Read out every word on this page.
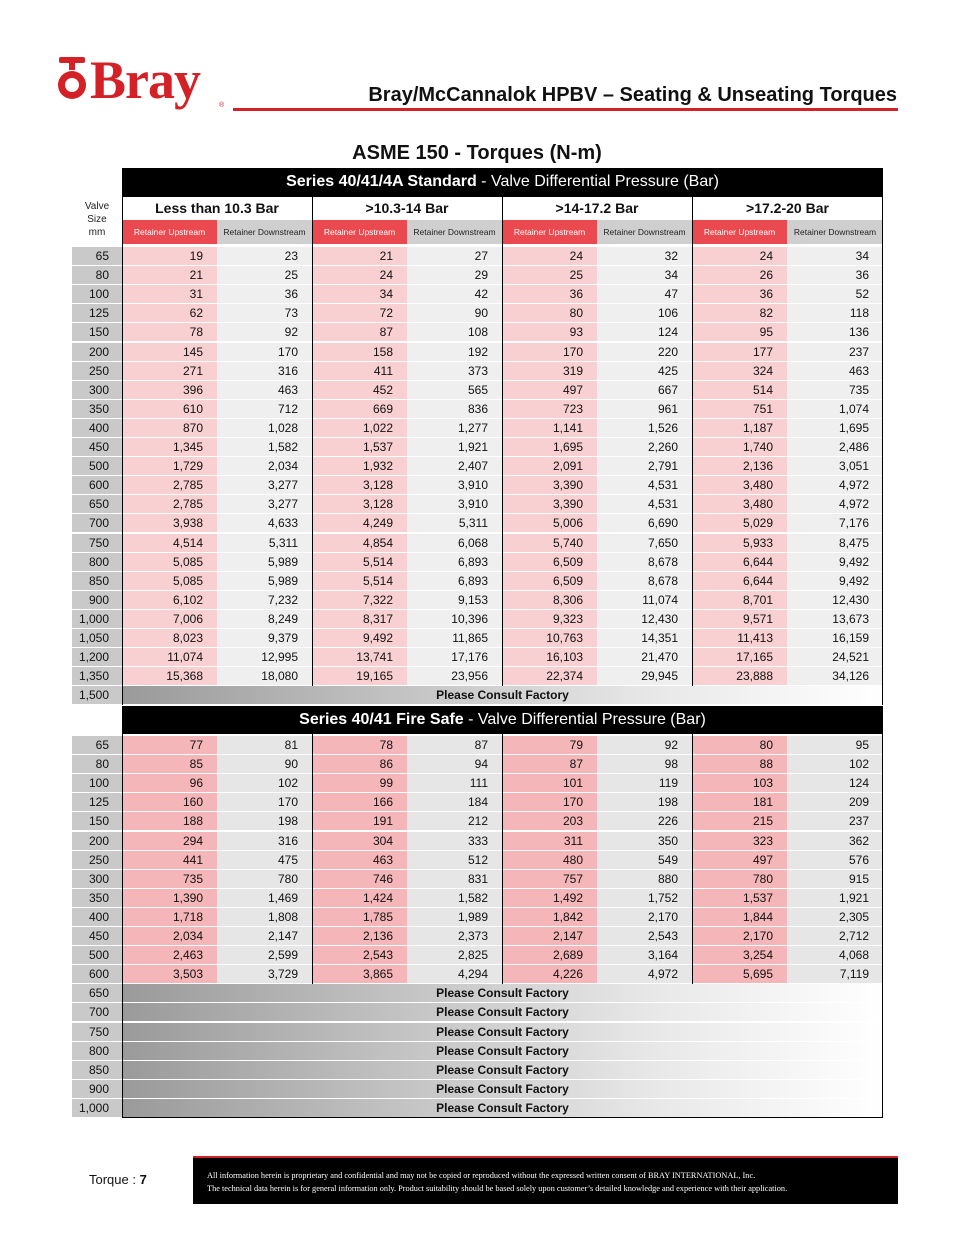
Bray	®	Bray/McCannalok HPBV – Seating & Unseating Torques
ASME 150 - Torques (N-m)
Series 40/41/4A Standard - Valve Differential Pressure (Bar)
Valve
Size
mm
Less than 10.3 Bar	>10.3-14 Bar	>14-17.2 Bar	>17.2-20 Bar
Retainer Upstream	Retainer Downstream	Retainer Upstream	Retainer Downstream	Retainer Upstream	Retainer Downstream	Retainer Upstream	Retainer Downstream
65	19	23	21	27	24	32	24	34
80	21	25	24	29	25	34	26	36
100	31	36	34	42	36	47	36	52
125	62	73	72	90	80	106	82	118
150	78	92	87	108	93	124	95	136
200	145	170	158	192	170	220	177	237
250	271	316	411	373	319	425	324	463
300	396	463	452	565	497	667	514	735
350	610	712	669	836	723	961	751	1,074
400	870	1,028	1,022	1,277	1,141	1,526	1,187	1,695
450	1,345	1,582	1,537	1,921	1,695	2,260	1,740	2,486
500	1,729	2,034	1,932	2,407	2,091	2,791	2,136	3,051
600	2,785	3,277	3,128	3,910	3,390	4,531	3,480	4,972
650	2,785	3,277	3,128	3,910	3,390	4,531	3,480	4,972
700	3,938	4,633	4,249	5,311	5,006	6,690	5,029	7,176
750	4,514	5,311	4,854	6,068	5,740	7,650	5,933	8,475
800	5,085	5,989	5,514	6,893	6,509	8,678	6,644	9,492
850	5,085	5,989	5,514	6,893	6,509	8,678	6,644	9,492
900	6,102	7,232	7,322	9,153	8,306	11,074	8,701	12,430
1,000	7,006	8,249	8,317	10,396	9,323	12,430	9,571	13,673
1,050	8,023	9,379	9,492	11,865	10,763	14,351	11,413	16,159
1,200	11,074	12,995	13,741	17,176	16,103	21,470	17,165	24,521
1,350	15,368	18,080	19,165	23,956	22,374	29,945	23,888	34,126
1,500	Please Consult Factory
Series 40/41 Fire Safe - Valve Differential Pressure (Bar)
65	77	81	78	87	79	92	80	95
80	85	90	86	94	87	98	88	102
100	96	102	99	111	101	119	103	124
125	160	170	166	184	170	198	181	209
150	188	198	191	212	203	226	215	237
200	294	316	304	333	311	350	323	362
250	441	475	463	512	480	549	497	576
300	735	780	746	831	757	880	780	915
350	1,390	1,469	1,424	1,582	1,492	1,752	1,537	1,921
400	1,718	1,808	1,785	1,989	1,842	2,170	1,844	2,305
450	2,034	2,147	2,136	2,373	2,147	2,543	2,170	2,712
500	2,463	2,599	2,543	2,825	2,689	3,164	3,254	4,068
600	3,503	3,729	3,865	4,294	4,226	4,972	5,695	7,119
650	Please Consult Factory
700	Please Consult Factory
750	Please Consult Factory
800	Please Consult Factory
850	Please Consult Factory
900	Please Consult Factory
1,000	Please Consult Factory
Torque : 7	All information herein is proprietary and confidential and may not be copied or reproduced without the expressed written consent of BRAY INTERNATIONAL, Inc.

The technical data herein is for general information only. Product suitability should be based solely upon customer’s detailed knowledge and experience with their application.
